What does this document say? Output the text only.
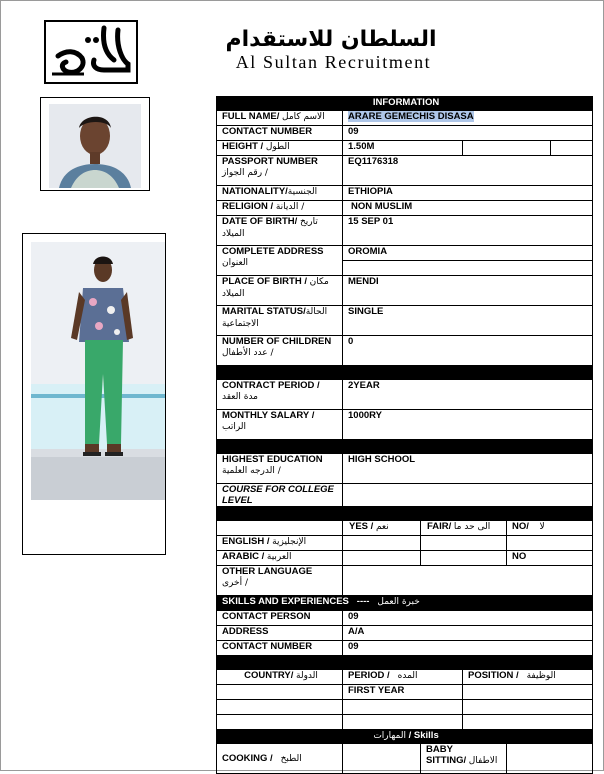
السلطان للاستقدام
Al Sultan Recruitment
INFORMATION					
FULL NAME/ الاسم كامل	ARARE GEMECHIS DISASA				
CONTACT NUMBER	09				
HEIGHT / الطول	1.50M				
PASSPORT NUMBER
رقم الجواز /	EQ1176318				
NATIONALITY/الجنسية	ETHIOPIA				
RELIGION / الديانة /	NON MUSLIM				
DATE OF BIRTH/ تاريخ
الميلاد	15 SEP 01				
COMPLETE ADDRESS
العنوان	OROMIA				

PLACE OF BIRTH / مكان
الميلاد	MENDI				
MARITAL STATUS/الحالة
الاجتماعية	SINGLE				
NUMBER OF CHILDREN
عدد الأطفال /	0				

CONTRACT PERIOD /
مدة العقد	2YEAR				
MONTHLY SALARY /
الراتب	1000RY				

HIGHEST EDUCATION
الدرجه العلمية /	HIGH SCHOOL				
COURSE FOR COLLEGE LEVEL					

	YES / نعم	FAIR/ الى حد ما		NO/ لا	
ENGLISH / الإنجليزية					
ARABIC / العربية				NO	
OTHER LANGUAGE
أخرى /					
SKILLS AND EXPERIENCES ---- خبرة العمل					
CONTACT PERSON	09				
ADDRESS	A/A				
CONTACT NUMBER	09				

COUNTRY/ الدولة	PERIOD / المده		POSITION / الوظيفة		
	FIRST YEAR				

المهارات / Skills					
COOKING / الطبخ		BABY
SITTING/ الاطفال			
